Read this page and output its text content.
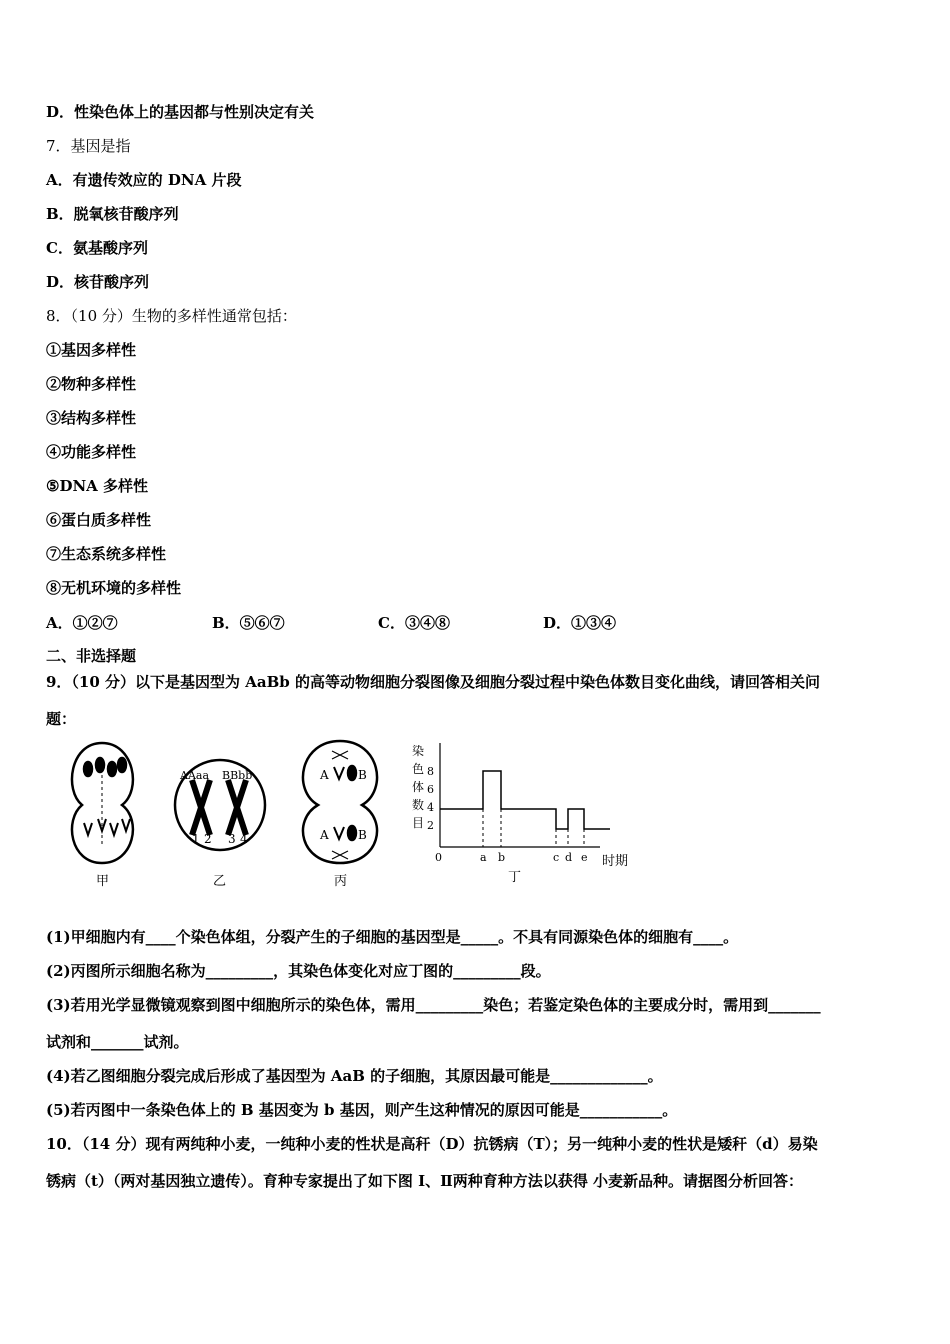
D．性染色体上的基因都与性别决定有关
7．基因是指
A．有遗传效应的 DNA 片段
B．脱氧核苷酸序列
C．氨基酸序列
D．核苷酸序列
8．（10 分）生物的多样性通常包括：
①基因多样性
②物种多样性
③结构多样性
④功能多样性
⑤DNA 多样性
⑥蛋白质多样性
⑦生态系统多样性
⑧无机环境的多样性
A．①②⑦	B．⑤⑥⑦	C．③④⑧	D．①③④
二、非选择题
9．（10 分）以下是基因型为 AaBb 的高等动物细胞分裂图像及细胞分裂过程中染色体数目变化曲线，请回答相关问
题：
AAaa BBbb
1 2 3 4
A B
A B
染
色
体
数
目
8
6
4
2
0	a b	c d e 时期
甲	乙	丙	丁
(1)甲细胞内有____个染色体组，分裂产生的子细胞的基因型是_____。不具有同源染色体的细胞有____。
(2)丙图所示细胞名称为_________，其染色体变化对应丁图的_________段。
(3)若用光学显微镜观察到图中细胞所示的染色体，需用_________染色；若鉴定染色体的主要成分时，需用到_______
试剂和_______试剂。
(4)若乙图细胞分裂完成后形成了基因型为 AaB 的子细胞，其原因最可能是_____________。
(5)若丙图中一条染色体上的 B 基因变为 b 基因，则产生这种情况的原因可能是___________。
10．（14 分）现有两纯种小麦，一纯种小麦的性状是高秆（D）抗锈病（T）；另一纯种小麦的性状是矮秆（d）易染
锈病（t）（两对基因独立遗传）。育种专家提出了如下图 I、Ⅱ两种育种方法以获得 小麦新品种。请据图分析回答：
